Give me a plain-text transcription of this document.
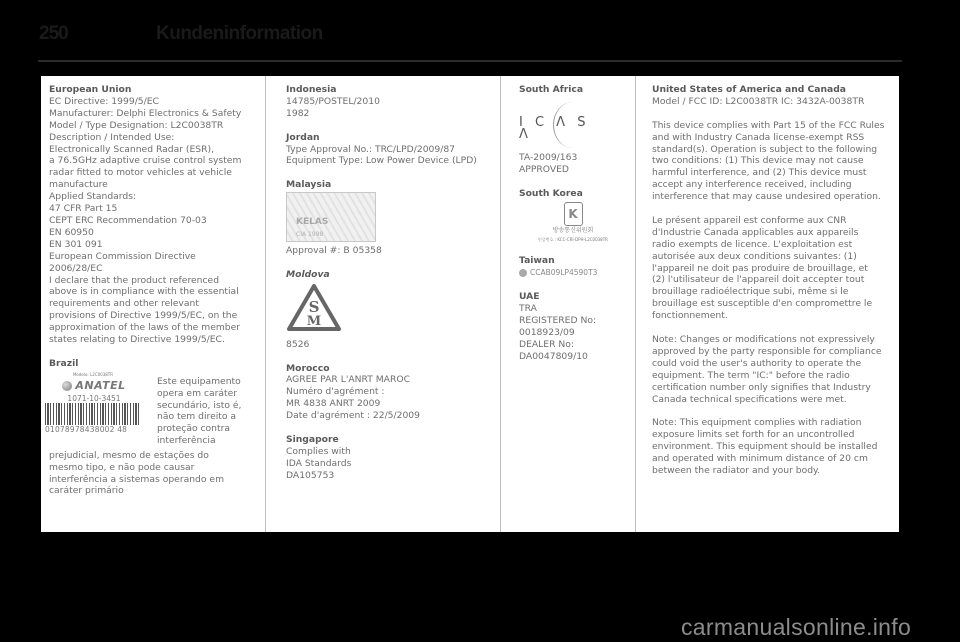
250	Kundeninformation
European Union
EC Directive: 1999/5/EC
Manufacturer: Delphi Electronics & Safety
Model / Type Designation: L2C0038TR
Description / Intended Use:
Electronically Scanned Radar (ESR),
a 76.5GHz adaptive cruise control system
radar fitted to motor vehicles at vehicle
manufacture
Applied Standards:
47 CFR Part 15
CEPT ERC Recommendation 70-03
EN 60950
EN 301 091
European Commission Directive
2006/28/EC
I declare that the product referenced
above is in compliance with the essential
requirements and other relevant
provisions of Directive 1999/5/EC, on the
approximation of the laws of the member
states relating to Directive 1999/5/EC.
Brazil
Modelo: L2C0038TR
ANATEL
1071-10-3451
01078978438002 48
Este equipamento
opera em caráter
secundário, isto é,
não tem direito a
proteção contra
interferência
prejudicial, mesmo de estações do
mesmo tipo, e não pode causar
interferência a sistemas operando em
caráter primário
Indonesia
14785/POSTEL/2010
1982
Jordan
Type Approval No.: TRC/LPD/2009/87
Equipment Type: Low Power Device (LPD)
Malaysia
KELAS
CIA 1998
Approval #: B 05358
Moldova
S
M
8526
Morocco
AGREE PAR L'ANRT MAROC
Numéro d'agrément :
MR 4838 ANRT 2009
Date d'agrément : 22/5/2009
Singapore
Complies with
IDA Standards
DA105753
South Africa
I C Λ S Λ
TA-2009/163
APPROVED
South Korea
K
방송통신위원회
인증번호 : KCC-CRI-DPH-L2C0038TR
Taiwan
CCAB09LP4590T3
UAE
TRA
REGISTERED No:
0018923/09
DEALER No:
DA0047809/10
United States of America and Canada
Model / FCC ID: L2C0038TR IC: 3432A-0038TR
This device complies with Part 15 of the FCC Rules
and with Industry Canada license-exempt RSS
standard(s). Operation is subject to the following
two conditions: (1) This device may not cause
harmful interference, and (2) This device must
accept any interference received, including
interference that may cause undesired operation.
Le présent appareil est conforme aux CNR
d'Industrie Canada applicables aux appareils
radio exempts de licence. L'exploitation est
autorisée aux deux conditions suivantes: (1)
l'appareil ne doit pas produire de brouillage, et
(2) l'utilisateur de l'appareil doit accepter tout
brouillage radioélectrique subi, même si le
brouillage est susceptible d'en compromettre le
fonctionnement.
Note: Changes or modifications not expressively
approved by the party responsible for compliance
could void the user's authority to operate the
equipment. The term "IC:" before the radio
certification number only signifies that Industry
Canada technical specifications were met.
Note: This equipment complies with radiation
exposure limits set forth for an uncontrolled
environment. This equipment should be installed
and operated with minimum distance of 20 cm
between the radiator and your body.
carmanualsonline.info
